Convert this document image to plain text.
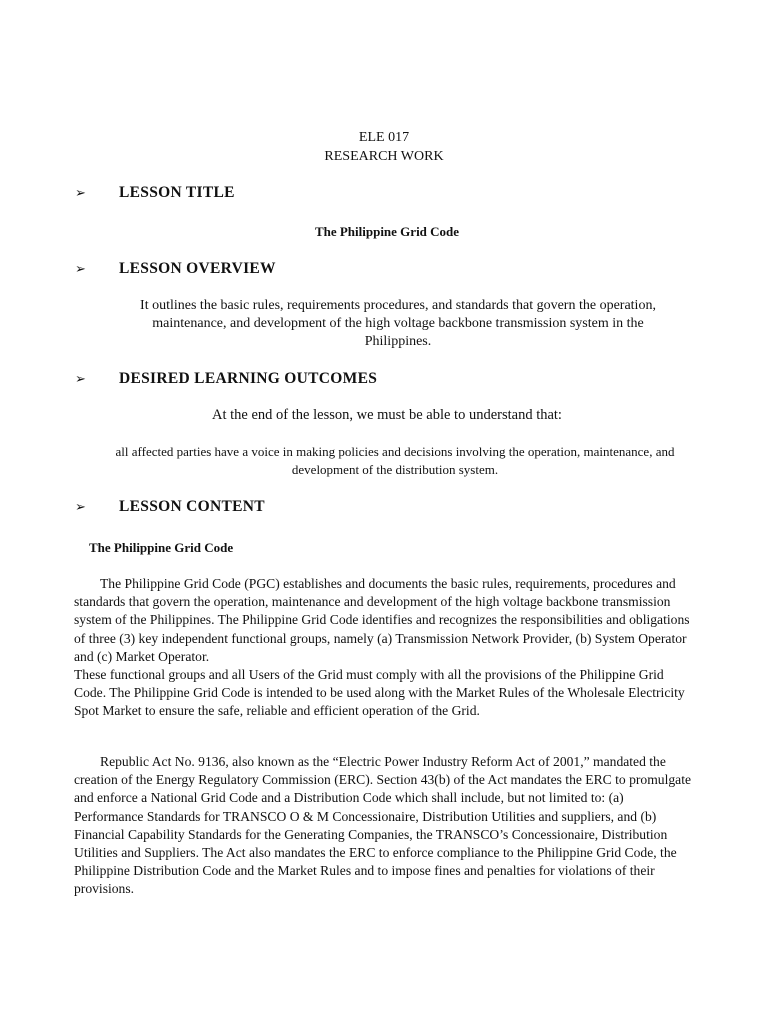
ELE 017
RESEARCH WORK
➢	LESSON TITLE
The Philippine Grid Code
➢	LESSON OVERVIEW
It outlines the basic rules, requirements procedures, and standards that govern the operation, maintenance, and development of the high voltage backbone transmission system in the Philippines.
➢	DESIRED LEARNING OUTCOMES
At the end of the lesson, we must be able to understand that:
all affected parties have a voice in making policies and decisions involving the operation, maintenance, and development of the distribution system.
➢	LESSON CONTENT
The Philippine Grid Code

The Philippine Grid Code (PGC) establishes and documents the basic rules, requirements, procedures and standards that govern the operation, maintenance and development of the high voltage backbone transmission system of the Philippines. The Philippine Grid Code identifies and recognizes the responsibilities and obligations of three (3) key independent functional groups, namely (a) Transmission Network Provider, (b) System Operator and (c) Market Operator.

These functional groups and all Users of the Grid must comply with all the provisions of the Philippine Grid Code. The Philippine Grid Code is intended to be used along with the Market Rules of the Wholesale Electricity Spot Market to ensure the safe, reliable and efficient operation of the Grid.

Republic Act No. 9136, also known as the “Electric Power Industry Reform Act of 2001,” mandated the creation of the Energy Regulatory Commission (ERC). Section 43(b) of the Act mandates the ERC to promulgate and enforce a National Grid Code and a Distribution Code which shall include, but not limited to: (a) Performance Standards for TRANSCO O & M Concessionaire, Distribution Utilities and suppliers, and (b) Financial Capability Standards for the Generating Companies, the TRANSCO’s Concessionaire, Distribution Utilities and Suppliers. The Act also mandates the ERC to enforce compliance to the Philippine Grid Code, the Philippine Distribution Code and the Market Rules and to impose fines and penalties for violations of their provisions.
